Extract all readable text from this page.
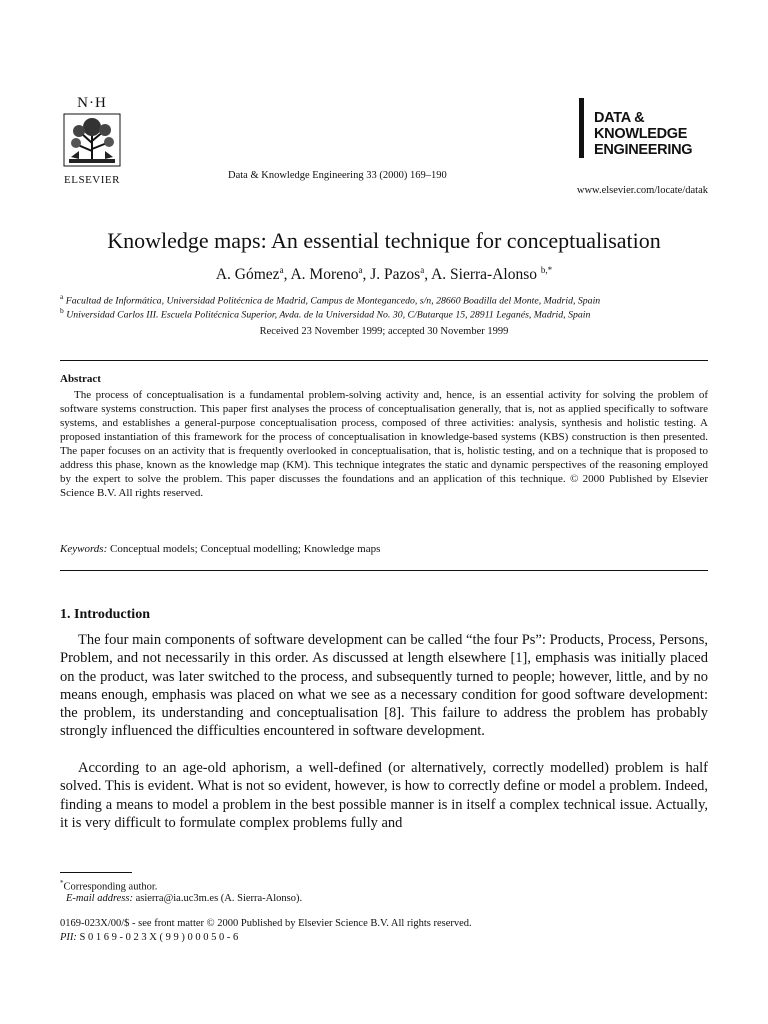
N·H
ELSEVIER	Data & Knowledge Engineering 33 (2000) 169–190
DATA &
KNOWLEDGE
ENGINEERING
www.elsevier.com/locate/datak
Knowledge maps: An essential technique for conceptualisation
A. Gómez$^a$, A. Moreno$^a$, J. Pazos$^a$, A. Sierra-Alonso $^{b,*}$
$^a$ Facultad de Informática, Universidad Politécnica de Madrid, Campus de Montegancedo, s/n, 28660 Boadilla del Monte, Madrid, Spain
$^b$ Universidad Carlos III. Escuela Politécnica Superior, Avda. de la Universidad No. 30, C/Butarque 15, 28911 Leganés, Madrid, Spain
Received 23 November 1999; accepted 30 November 1999
Abstract
The process of conceptualisation is a fundamental problem-solving activity and, hence, is an essential activity for solving the problem of software systems construction. This paper first analyses the process of conceptualisation generally, that is, not as applied specifically to software systems, and establishes a general-purpose conceptualisation process, composed of three activities: analysis, synthesis and holistic testing. A proposed instantiation of this framework for the process of conceptualisation in knowledge-based systems (KBS) construction is then presented. The paper focuses on an activity that is frequently overlooked in conceptualisation, that is, holistic testing, and on a technique that is proposed to address this phase, known as the knowledge map (KM). This technique integrates the static and dynamic perspectives of the reasoning employed by the expert to solve the problem. This paper discusses the foundations and an application of this technique. © 2000 Published by Elsevier Science B.V. All rights reserved.
Keywords: Conceptual models; Conceptual modelling; Knowledge maps
1. Introduction
The four main components of software development can be called “the four Ps”: Products, Process, Persons, Problem, and not necessarily in this order. As discussed at length elsewhere [1], emphasis was initially placed on the product, was later switched to the process, and subsequently turned to people; however, little, and by no means enough, emphasis was placed on what we see as a necessary condition for good software development: the problem, its understanding and conceptualisation [8]. This failure to address the problem has probably strongly influenced the difficulties encountered in software development.
According to an age-old aphorism, a well-defined (or alternatively, correctly modelled) problem is half solved. This is evident. What is not so evident, however, is how to correctly define or model a problem. Indeed, finding a means to model a problem in the best possible manner is in itself a complex technical issue. Actually, it is very difficult to formulate complex problems fully and
*Corresponding author.
E-mail address: asierra@ia.uc3m.es (A. Sierra-Alonso).
0169-023X/00/$ - see front matter © 2000 Published by Elsevier Science B.V. All rights reserved.
PII: S 0 1 6 9 - 0 2 3 X ( 9 9 ) 0 0 0 5 0 - 6
